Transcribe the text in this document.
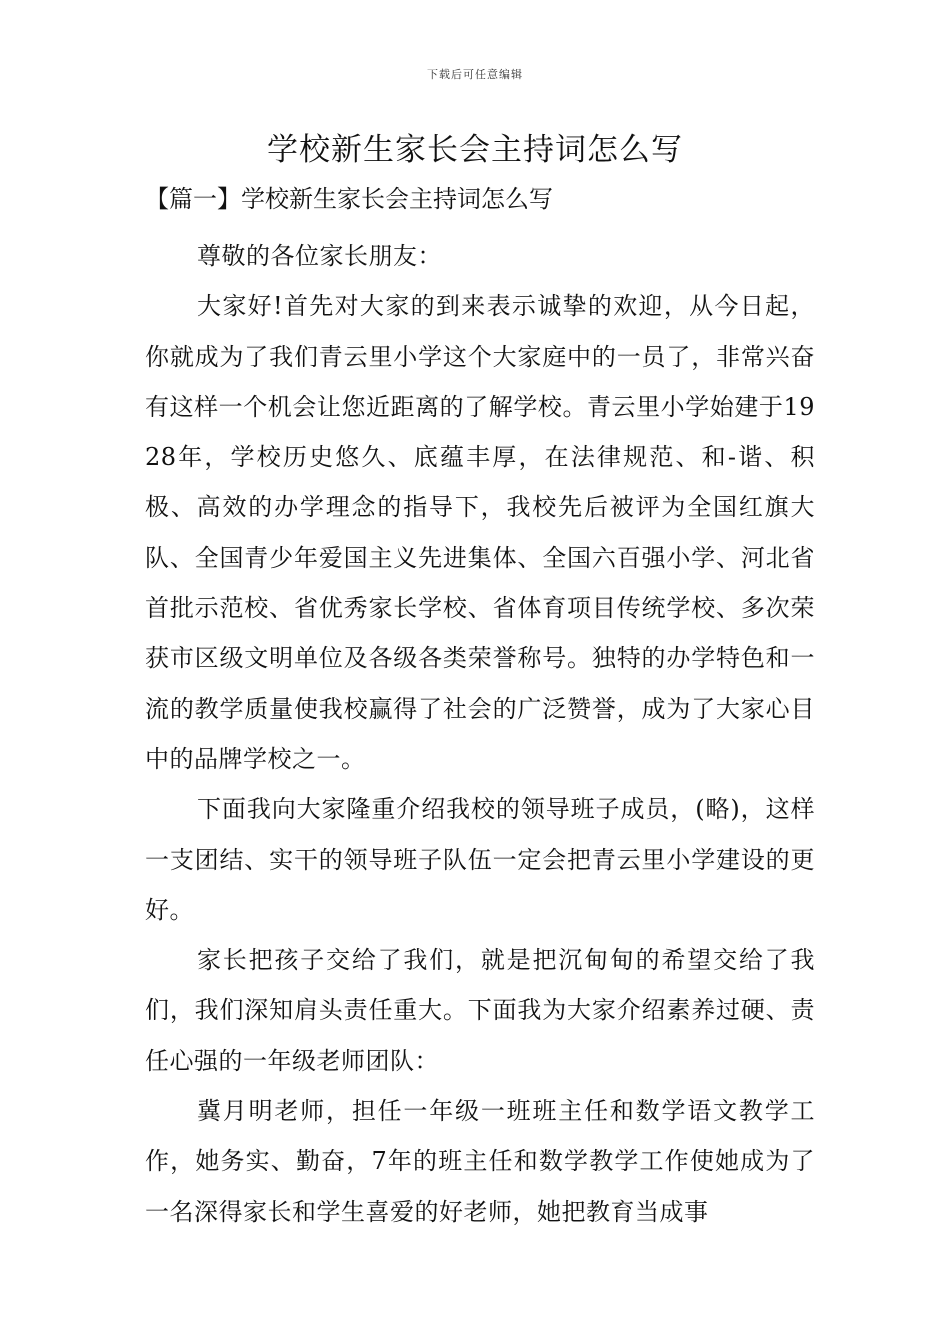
下载后可任意编辑
学校新生家长会主持词怎么写
【篇一】学校新生家长会主持词怎么写

尊敬的各位家长朋友：

大家好!首先对大家的到来表示诚挚的欢迎，从今日起，你就成为了我们青云里小学这个大家庭中的一员了，非常兴奋有这样一个机会让您近距离的了解学校。青云里小学始建于1928年，学校历史悠久、底蕴丰厚，在法律规范、和-谐、积极、高效的办学理念的指导下，我校先后被评为全国红旗大队、全国青少年爱国主义先进集体、全国六百强小学、河北省首批示范校、省优秀家长学校、省体育项目传统学校、多次荣获市区级文明单位及各级各类荣誉称号。独特的办学特色和一流的教学质量使我校赢得了社会的广泛赞誉，成为了大家心目中的品牌学校之一。

下面我向大家隆重介绍我校的领导班子成员，(略)，这样一支团结、实干的领导班子队伍一定会把青云里小学建设的更好。

家长把孩子交给了我们，就是把沉甸甸的希望交给了我们，我们深知肩头责任重大。下面我为大家介绍素养过硬、责任心强的一年级老师团队：

冀月明老师，担任一年级一班班主任和数学语文教学工作，她务实、勤奋，7年的班主任和数学教学工作使她成为了一名深得家长和学生喜爱的好老师，她把教育当成事
